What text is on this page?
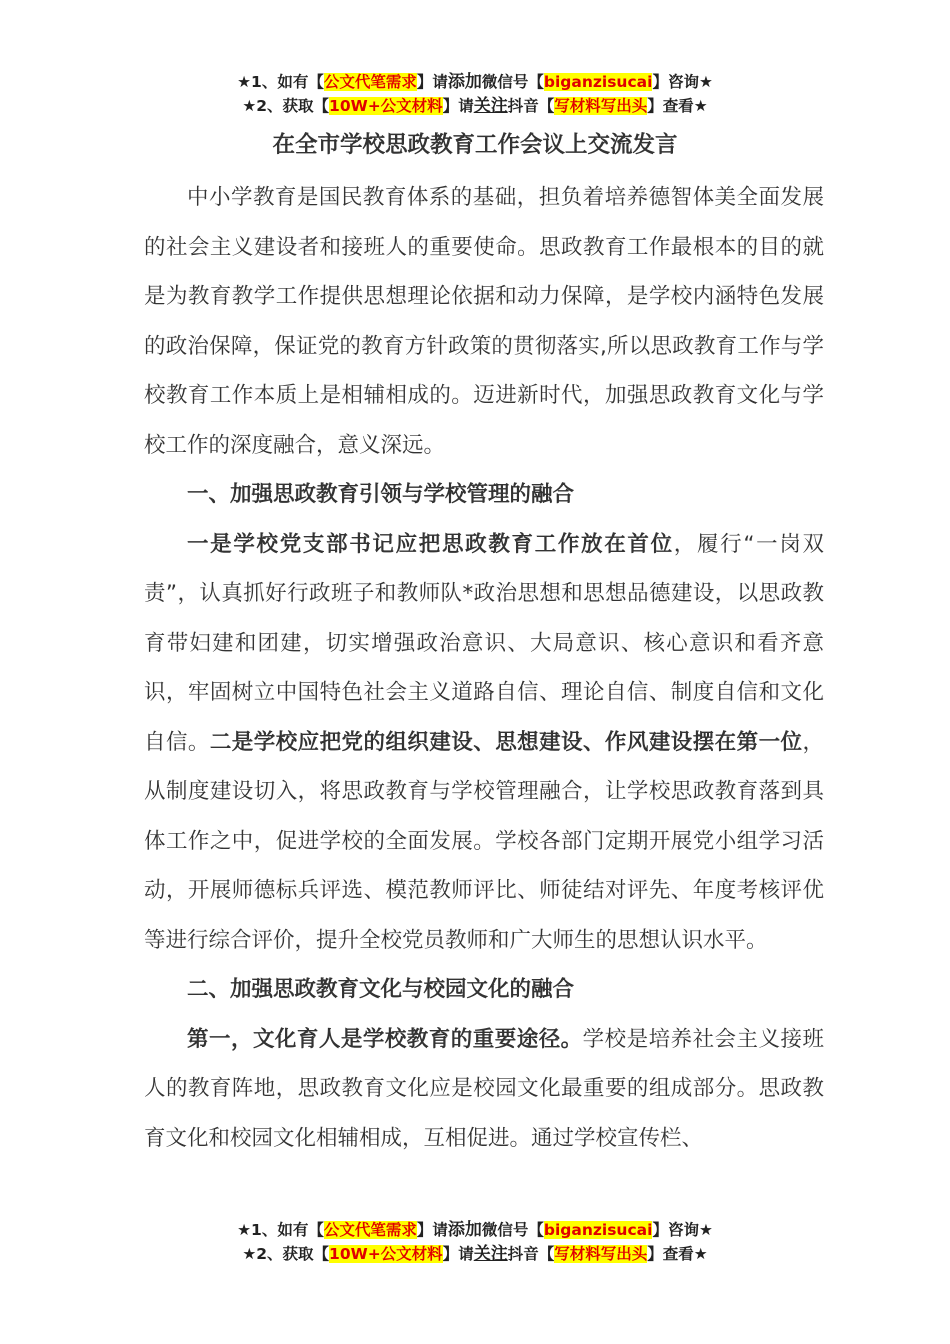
★1、如有【公文代笔需求】请添加微信号【biganzisucai】咨询★
★2、获取【10W+公文材料】请关注抖音【写材料写出头】查看★
在全市学校思政教育工作会议上交流发言

中小学教育是国民教育体系的基础，担负着培养德智体美全面发展的社会主义建设者和接班人的重要使命。思政教育工作最根本的目的就是为教育教学工作提供思想理论依据和动力保障，是学校内涵特色发展的政治保障，保证党的教育方针政策的贯彻落实,所以思政教育工作与学校教育工作本质上是相辅相成的。迈进新时代，加强思政教育文化与学校工作的深度融合，意义深远。

一、加强思政教育引领与学校管理的融合

一是学校党支部书记应把思政教育工作放在首位，履行“一岗双责”，认真抓好行政班子和教师队*政治思想和思想品德建设，以思政教育带妇建和团建，切实增强政治意识、大局意识、核心意识和看齐意识，牢固树立中国特色社会主义道路自信、理论自信、制度自信和文化自信。二是学校应把党的组织建设、思想建设、作风建设摆在第一位，从制度建设切入，将思政教育与学校管理融合，让学校思政教育落到具体工作之中，促进学校的全面发展。学校各部门定期开展党小组学习活动，开展师德标兵评选、模范教师评比、师徒结对评先、年度考核评优等进行综合评价，提升全校党员教师和广大师生的思想认识水平。

二、加强思政教育文化与校园文化的融合

第一，文化育人是学校教育的重要途径。学校是培养社会主义接班人的教育阵地，思政教育文化应是校园文化最重要的组成部分。思政教育文化和校园文化相辅相成，互相促进。通过学校宣传栏、

★1、如有【公文代笔需求】请添加微信号【biganzisucai】咨询★
★2、获取【10W+公文材料】请关注抖音【写材料写出头】查看★
